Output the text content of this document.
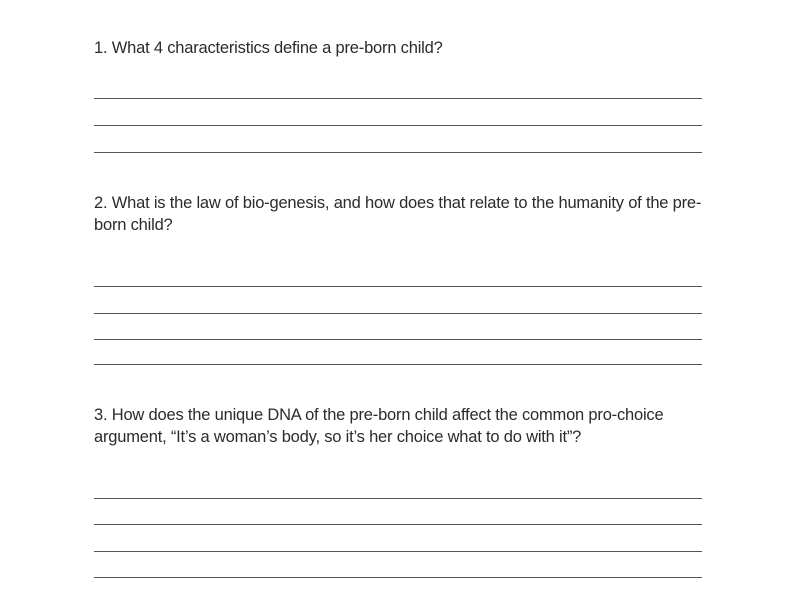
1. What 4 characteristics define a pre-born child?
2. What is the law of bio-genesis, and how does that relate to the humanity of the pre-born child?
3. How does the unique DNA of the pre-born child affect the common pro-choice argument, “It’s a woman’s body, so it’s her choice what to do with it”?
